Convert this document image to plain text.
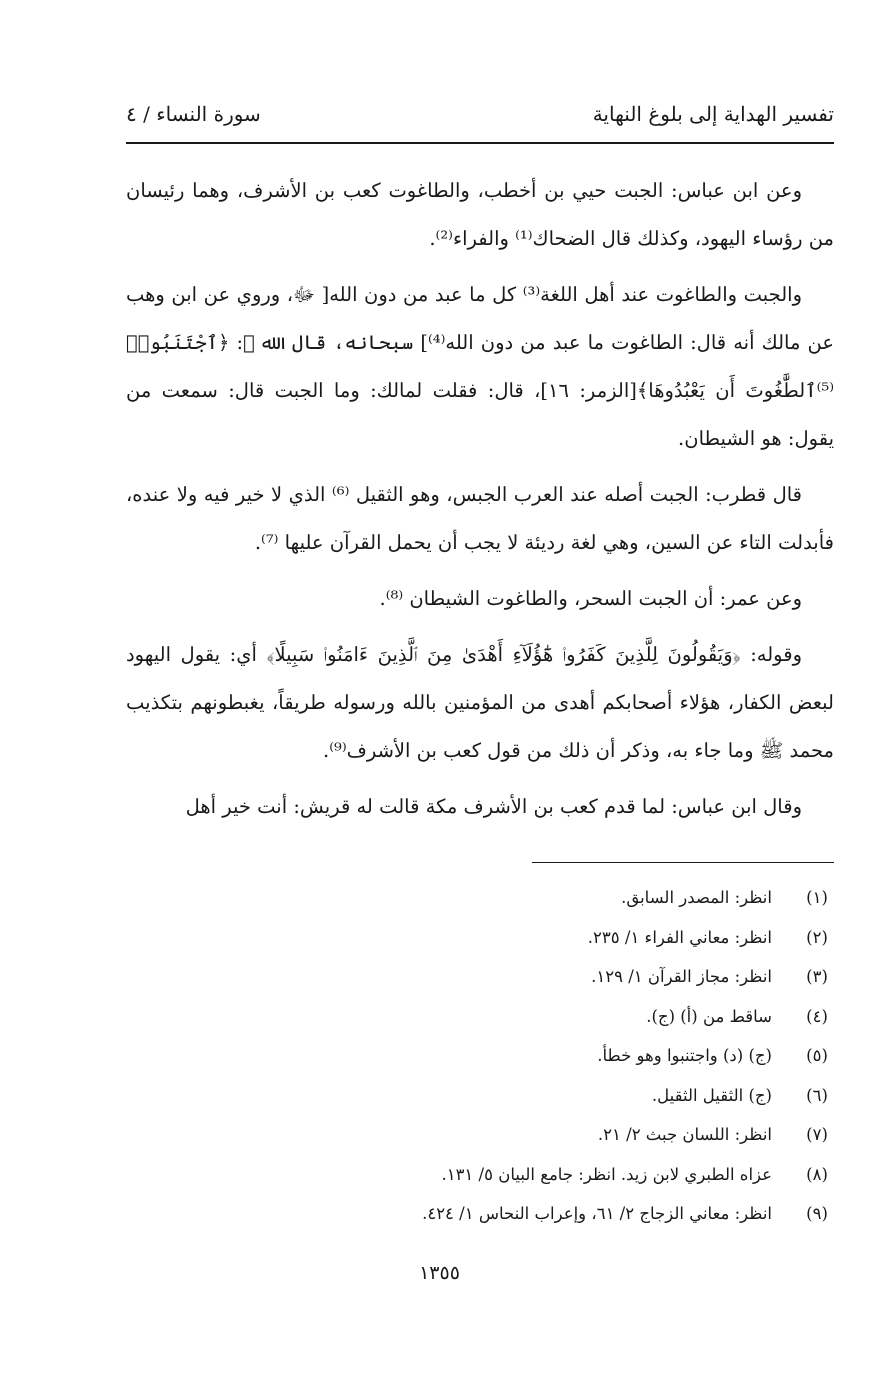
تفسير الهداية إلى بلوغ النهاية
سورة النساء / ٤

وعن ابن عباس: الجبت حيي بن أخطب، والطاغوت كعب بن الأشرف، وهما رئيسان من رؤساء اليهود، وكذلك قال الضحاك⁽¹⁾ والفراء⁽²⁾.

والجبت والطاغوت عند أهل اللغة⁽³⁾ كل ما عبد من دون الله[ ﷻ، وروي عن ابن وهب عن مالك أنه قال: الطاغوت ما عبد من دون الله⁽⁴⁾] سبحانه، قال الله ﷻ: ﴿ٱجْتَنَبُوا۟ ⁽⁵⁾ٱلطَّٰغُوتَ أَن يَعْبُدُوهَا﴾[الزمر: ١٦]، قال: فقلت لمالك: وما الجبت قال: سمعت من يقول: هو الشيطان.

قال قطرب: الجبت أصله عند العرب الجبس، وهو الثقيل ⁽⁶⁾ الذي لا خير فيه ولا عنده، فأبدلت التاء عن السين، وهي لغة رديئة لا يجب أن يحمل القرآن عليها ⁽⁷⁾.

وعن عمر: أن الجبت السحر، والطاغوت الشيطان ⁽⁸⁾.

وقوله: ﴿وَيَقُولُونَ لِلَّذِينَ كَفَرُوا۟ هَٰٓؤُلَآءِ أَهْدَىٰ مِنَ ٱلَّذِينَ ءَامَنُوا۟ سَبِيلًا﴾ أي: يقول اليهود لبعض الكفار، هؤلاء أصحابكم أهدى من المؤمنين بالله ورسوله طريقاً، يغبطونهم بتكذيب محمد ﷺ وما جاء به، وذكر أن ذلك من قول كعب بن الأشرف⁽⁹⁾.

وقال ابن عباس: لما قدم كعب بن الأشرف مكة قالت له قريش: أنت خير أهل

(١)
انظر: المصدر السابق.
(٢)
انظر: معاني الفراء ١/ ٢٣٥.
(٣)
انظر: مجاز القرآن ١/ ١٢٩.
(٤)
ساقط من (أ) (ج).
(٥)
(ج) (د) واجتنبوا وهو خطأ.
(٦)
(ج) الثقيل الثقيل.
(٧)
انظر: اللسان جبث ٢/ ٢١.
(٨)
عزاه الطبري لابن زيد. انظر: جامع البيان ٥/ ١٣١.
(٩)
انظر: معاني الزجاج ٢/ ٦١، وإعراب النحاس ١/ ٤٢٤.
١٣٥٥
